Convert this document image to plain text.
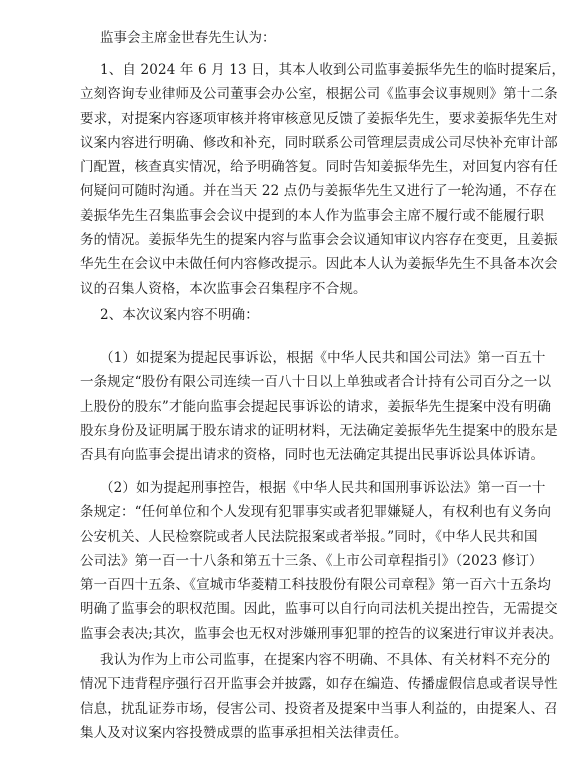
监事会主席金世春先生认为：
1、自 2024 年 6 月 13 日，其本人收到公司监事姜振华先生的临时提案后，
立刻咨询专业律师及公司董事会办公室，根据公司《监事会议事规则》第十二条
要求，对提案内容逐项审核并将审核意见反馈了姜振华先生，要求姜振华先生对
议案内容进行明确、修改和补充，同时联系公司管理层责成公司尽快补充审计部
门配置，核查真实情况，给予明确答复。同时告知姜振华先生，对回复内容有任
何疑问可随时沟通。并在当天 22 点仍与姜振华先生又进行了一轮沟通，不存在
姜振华先生召集监事会会议中提到的本人作为监事会主席不履行或不能履行职
务的情况。姜振华先生的提案内容与监事会会议通知审议内容存在变更，且姜振
华先生在会议中未做任何内容修改提示。因此本人认为姜振华先生不具备本次会
议的召集人资格，本次监事会召集程序不合规。
2、本次议案内容不明确：
（1）如提案为提起民事诉讼，根据《中华人民共和国公司法》第一百五十
一条规定“股份有限公司连续一百八十日以上单独或者合计持有公司百分之一以
上股份的股东”才能向监事会提起民事诉讼的请求，姜振华先生提案中没有明确
股东身份及证明属于股东请求的证明材料，无法确定姜振华先生提案中的股东是
否具有向监事会提出请求的资格，同时也无法确定其提出民事诉讼具体诉请。
（2）如为提起刑事控告，根据《中华人民共和国刑事诉讼法》第一百一十
条规定：“任何单位和个人发现有犯罪事实或者犯罪嫌疑人，有权利也有义务向
公安机关、人民检察院或者人民法院报案或者举报。”同时，《中华人民共和国
公司法》第一百一十八条和第五十三条、《上市公司章程指引》（2023 修订）
第一百四十五条、《宣城市华菱精工科技股份有限公司章程》第一百六十五条均
明确了监事会的职权范围。因此，监事可以自行向司法机关提出控告，无需提交
监事会表决;其次，监事会也无权对涉嫌刑事犯罪的控告的议案进行审议并表决。
我认为作为上市公司监事，在提案内容不明确、不具体、有关材料不充分的
情况下违背程序强行召开监事会并披露，如存在编造、传播虚假信息或者误导性
信息，扰乱证券市场，侵害公司、投资者及提案中当事人利益的，由提案人、召
集人及对议案内容投赞成票的监事承担相关法律责任。
